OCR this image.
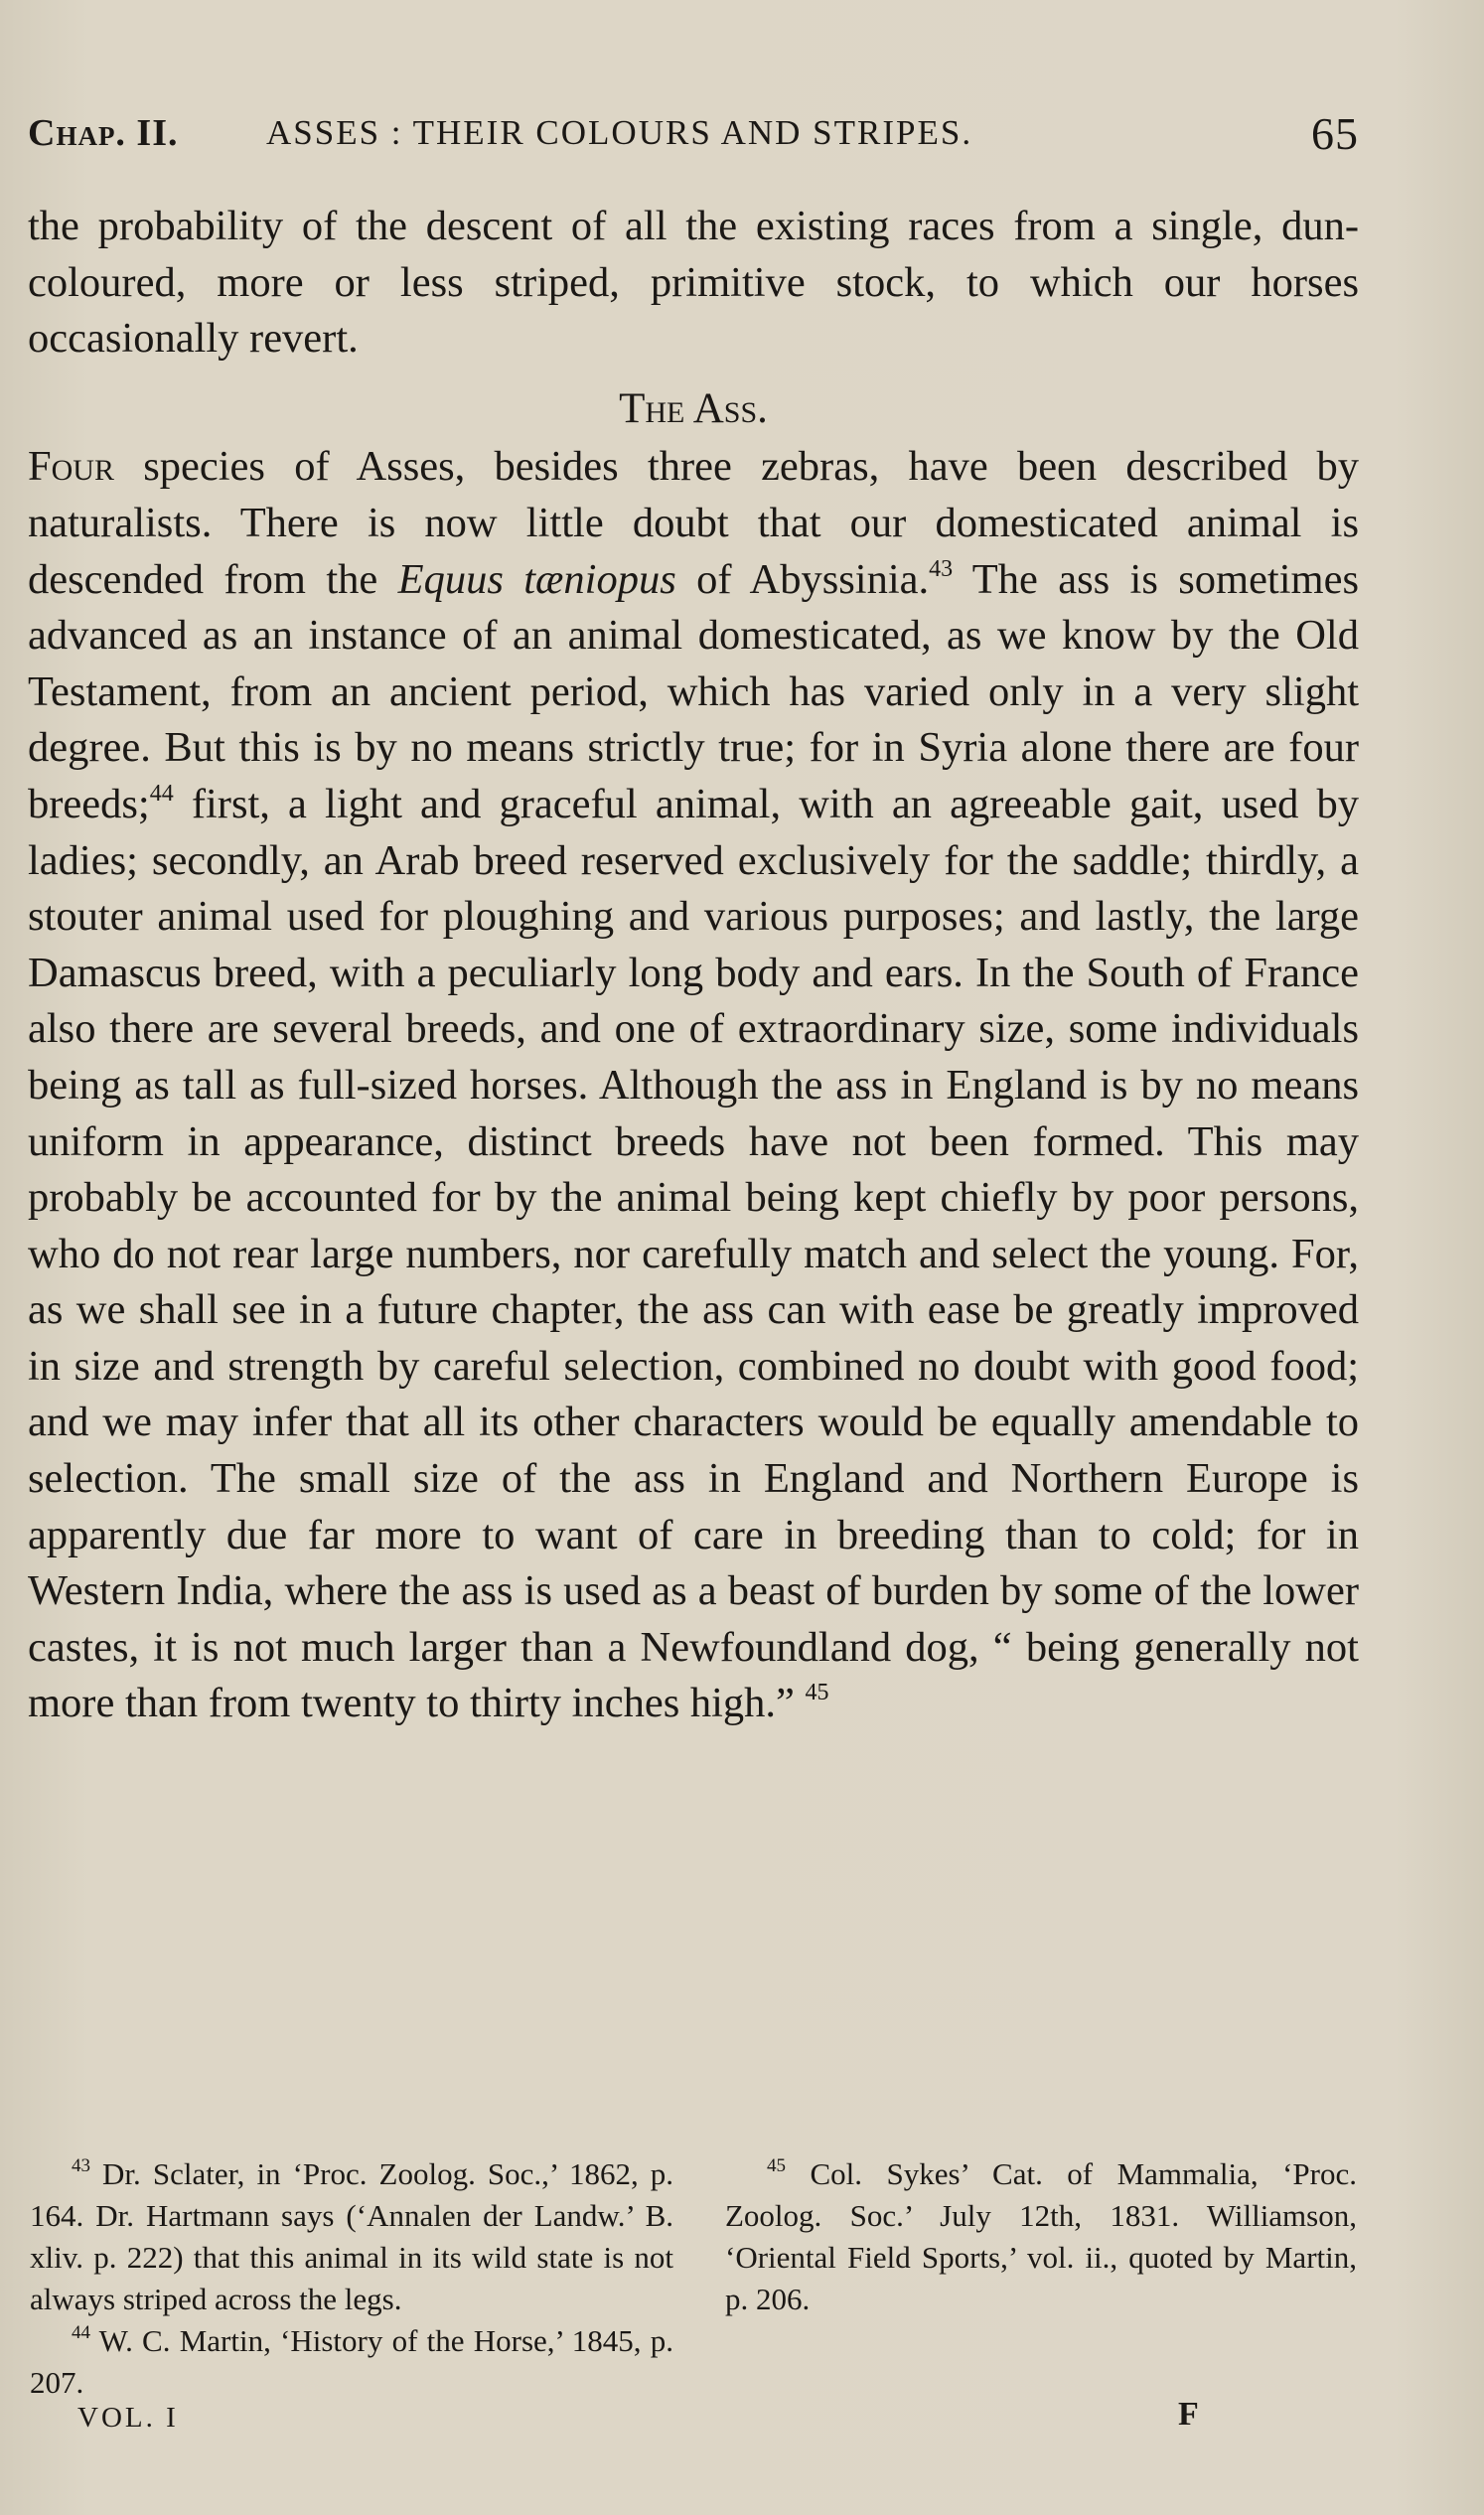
Chap. II.	ASSES : THEIR COLOURS AND STRIPES.	65

the probability of the descent of all the existing races from a single, dun-coloured, more or less striped, primitive stock, to which our horses occasionally revert.

The Ass.

Four species of Asses, besides three zebras, have been described by naturalists. There is now little doubt that our domesticated animal is descended from the Equus tæniopus of Abyssinia.$^{43}$ The ass is sometimes advanced as an instance of an animal domesticated, as we know by the Old Testament, from an ancient period, which has varied only in a very slight degree. But this is by no means strictly true; for in Syria alone there are four breeds;$^{44}$ first, a light and graceful animal, with an agreeable gait, used by ladies; secondly, an Arab breed reserved exclusively for the saddle; thirdly, a stouter animal used for ploughing and various purposes; and lastly, the large Damascus breed, with a peculiarly long body and ears. In the South of France also there are several breeds, and one of extraordinary size, some individuals being as tall as full-sized horses. Although the ass in England is by no means uniform in appearance, distinct breeds have not been formed. This may probably be accounted for by the animal being kept chiefly by poor persons, who do not rear large numbers, nor carefully match and select the young. For, as we shall see in a future chapter, the ass can with ease be greatly improved in size and strength by careful selection, combined no doubt with good food; and we may infer that all its other characters would be equally amendable to selection. The small size of the ass in England and Northern Europe is apparently due far more to want of care in breeding than to cold; for in Western India, where the ass is used as a beast of burden by some of the lower castes, it is not much larger than a Newfoundland dog, “ being generally not more than from twenty to thirty inches high.” $^{45}$

$^{43}$ Dr. Sclater, in ‘Proc. Zoolog. Soc.,’ 1862, p. 164. Dr. Hartmann says (‘Annalen der Landw.’ B. xliv. p. 222) that this animal in its wild state is not always striped across the legs.

$^{44}$ W. C. Martin, ‘History of the Horse,’ 1845, p. 207.

$^{45}$ Col. Sykes’ Cat. of Mammalia, ‘Proc. Zoolog. Soc.’ July 12th, 1831. Williamson, ‘Oriental Field Sports,’ vol. ii., quoted by Martin, p. 206.

VOL. I	F
